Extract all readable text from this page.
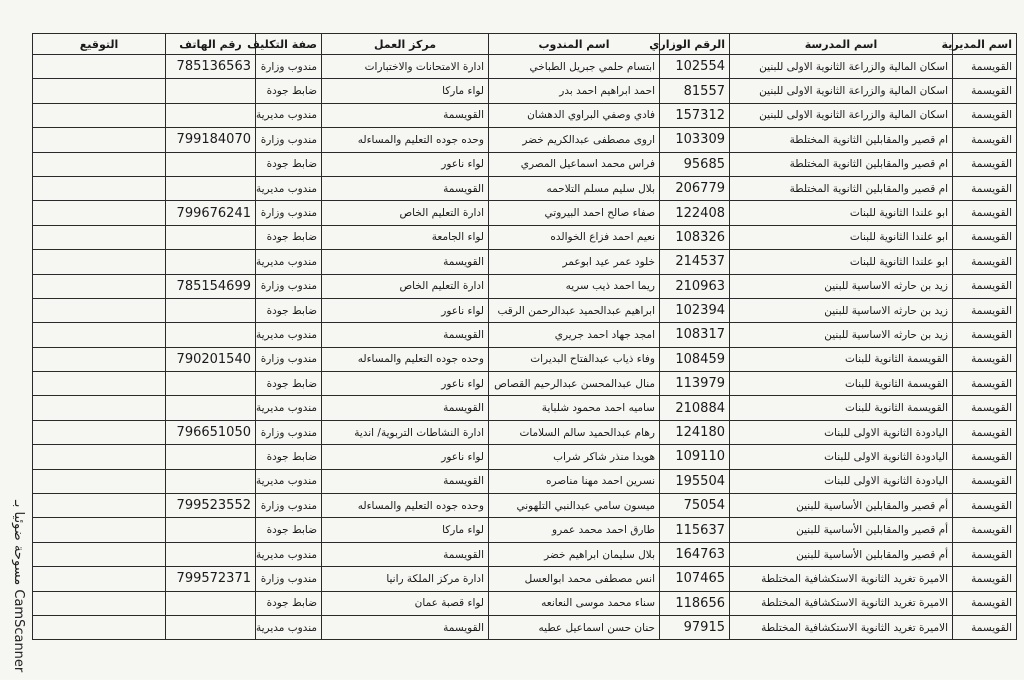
اسم المديرية	اسم المدرسة	الرقم الوزاري	اسم المندوب	مركز العمل	صفة التكليف	رقم الهاتف	التوقيع
القويسمة	اسكان المالية والزراعة الثانوية الاولى للبنين	102554	ابتسام حلمي جبريل الطباخي	ادارة الامتحانات والاختبارات	مندوب وزارة	785136563	
القويسمة	اسكان المالية والزراعة الثانوية الاولى للبنين	81557	احمد ابراهيم احمد بدر	لواء ماركا	ضابط جودة		
القويسمة	اسكان المالية والزراعة الثانوية الاولى للبنين	157312	فادي وصفي البراوي الدهشان	القويسمة	مندوب مديرية		
القويسمة	ام قصير والمقابلين الثانوية المختلطة	103309	اروى مصطفى عبدالكريم خضر	وحده جوده التعليم والمساءله	مندوب وزارة	799184070	
القويسمة	ام قصير والمقابلين الثانوية المختلطة	95685	فراس محمد اسماعيل المصري	لواء ناعور	ضابط جودة		
القويسمة	ام قصير والمقابلين الثانوية المختلطة	206779	بلال سليم مسلم التلاحمه	القويسمة	مندوب مديرية		
القويسمة	ابو علندا الثانوية للبنات	122408	صفاء صالح احمد البيروتي	ادارة التعليم الخاص	مندوب وزارة	799676241	
القويسمة	ابو علندا الثانوية للبنات	108326	نعيم احمد فزاع الخوالده	لواء الجامعة	ضابط جودة		
القويسمة	ابو علندا الثانوية للبنات	214537	خلود عمر عيد ابوعمر	القويسمة	مندوب مديرية		
القويسمة	زيد بن حارثه الاساسية للبنين	210963	ريما احمد ذيب سريه	ادارة التعليم الخاص	مندوب وزارة	785154699	
القويسمة	زيد بن حارثه الاساسية للبنين	102394	ابراهيم عبدالحميد عبدالرحمن الرقب	لواء ناعور	ضابط جودة		
القويسمة	زيد بن حارثه الاساسية للبنين	108317	امجد جهاد احمد جريري	القويسمة	مندوب مديرية		
القويسمة	القويسمة الثانوية للبنات	108459	وفاء ذياب عبدالفتاح البديرات	وحده جوده التعليم والمساءله	مندوب وزارة	790201540	
القويسمة	القويسمة الثانوية للبنات	113979	منال عبدالمحسن عبدالرحيم القصاص	لواء ناعور	ضابط جودة		
القويسمة	القويسمة الثانوية للبنات	210884	ساميه احمد محمود شلباية	القويسمة	مندوب مديرية		
القويسمة	اليادودة الثانوية الاولى للبنات	124180	رهام عبدالحميد سالم السلامات	ادارة النشاطات التربوية/ اندية	مندوب وزارة	796651050	
القويسمة	اليادودة الثانوية الاولى للبنات	109110	هويدا منذر شاكر شراب	لواء ناعور	ضابط جودة		
القويسمة	اليادودة الثانوية الاولى للبنات	195504	نسرين احمد مهنا مناصره	القويسمة	مندوب مديرية		
القويسمة	أم قصير والمقابلين الأساسية للبنين	75054	ميسون سامي عبدالنبي التلهوني	وحده جوده التعليم والمساءله	مندوب وزارة	799523552	
القويسمة	أم قصير والمقابلين الأساسية للبنين	115637	طارق احمد محمد عمرو	لواء ماركا	ضابط جودة		
القويسمة	أم قصير والمقابلين الأساسية للبنين	164763	بلال سليمان ابراهيم خضر	القويسمة	مندوب مديرية		
القويسمة	الاميرة تغريد الثانوية الاستكشافية المختلطة	107465	انس مصطفى محمد ابوالعسل	ادارة مركز الملكة رانيا	مندوب وزارة	799572371	
القويسمة	الاميرة تغريد الثانوية الاستكشافية المختلطة	118656	سناء محمد موسى النعانعه	لواء قصبة عمان	ضابط جودة		
القويسمة	الاميرة تغريد الثانوية الاستكشافية المختلطة	97915	حنان حسن اسماعيل عطيه	القويسمة	مندوب مديرية		
مسوحة ضوئيا بـ CamScanner
